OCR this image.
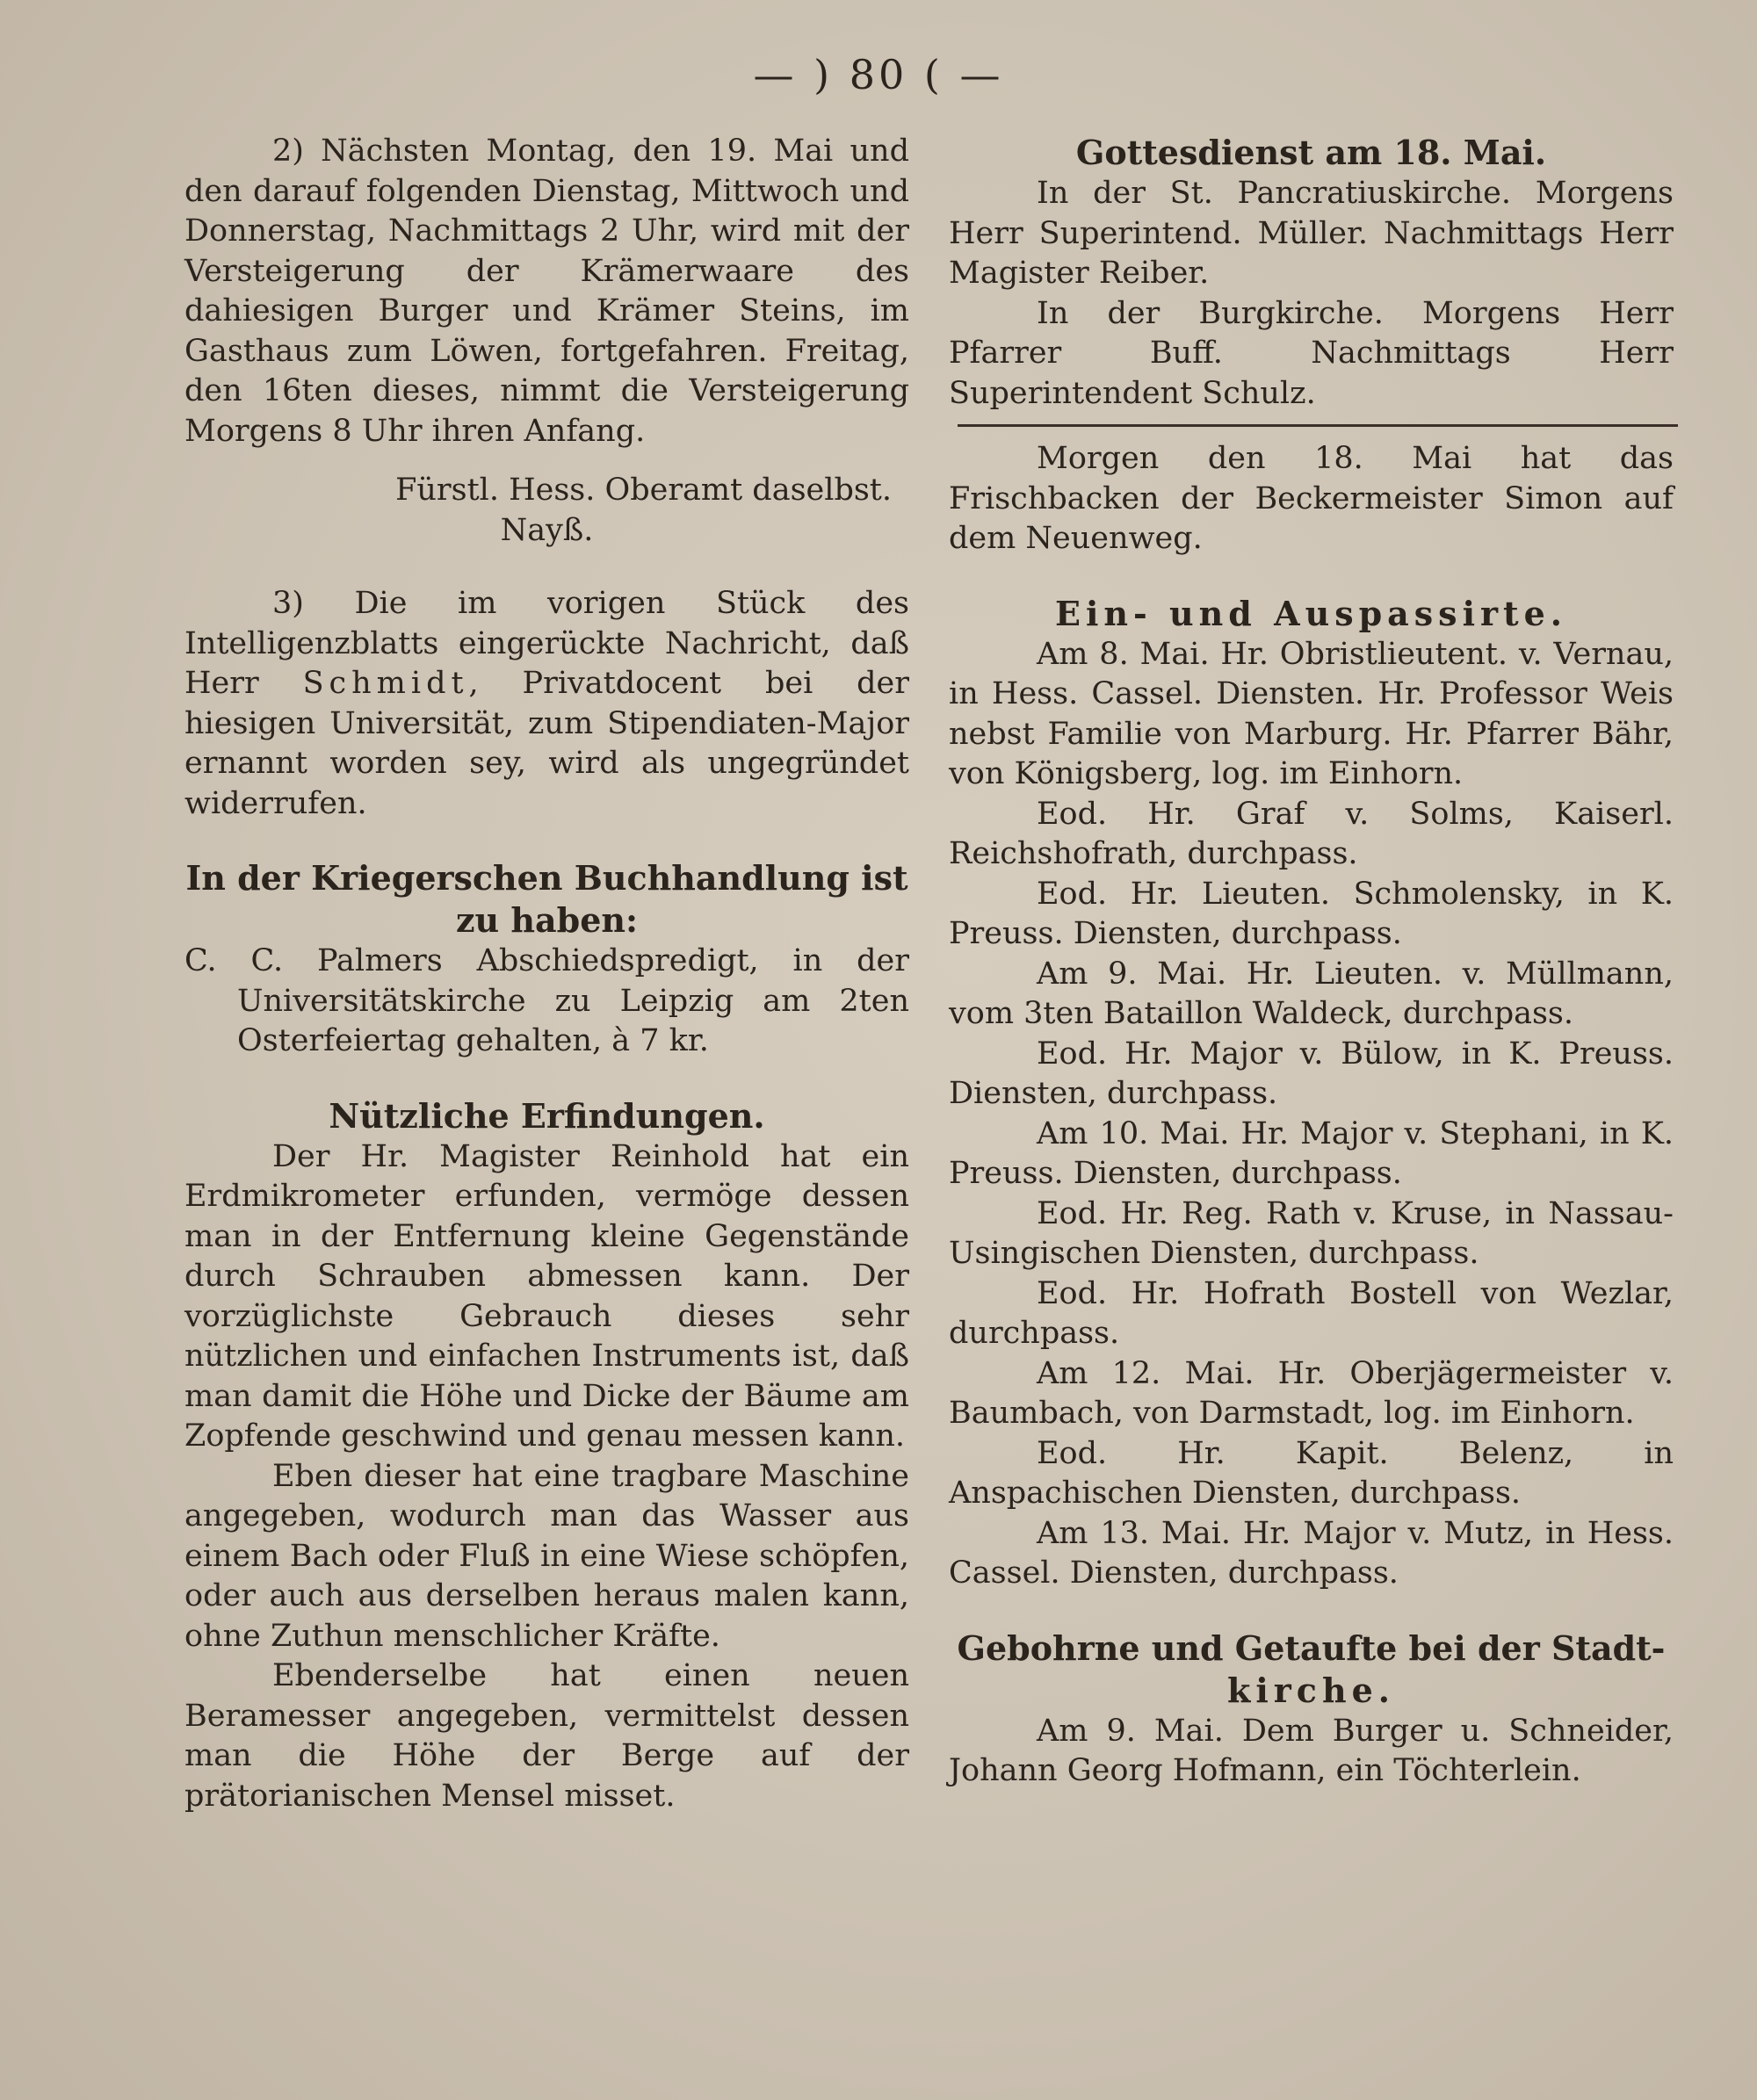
— ) 80 ( —

2) Nächsten Montag, den 19. Mai und den darauf folgenden Dienstag, Mittwoch und Donnerstag, Nachmittags 2 Uhr, wird mit der Versteigerung der Krämerwaare des dahiesigen Burger und Krämer Steins, im Gasthaus zum Löwen, fortgefahren. Freitag, den 16ten dieses, nimmt die Versteigerung Morgens 8 Uhr ihren Anfang.

Fürstl. Hess. Oberamt daselbst.

Nayß.

3) Die im vorigen Stück des Intelligenzblatts eingerückte Nachricht, daß Herr Schmidt, Privatdocent bei der hiesigen Universität, zum Stipendiaten-Major ernannt worden sey, wird als ungegründet widerrufen.

In der Kriegerschen Buchhandlung ist zu haben:

C. C. Palmers Abschiedspredigt, in der Universitätskirche zu Leipzig am 2ten Osterfeiertag gehalten, à 7 kr.

Nützliche Erfindungen.

Der Hr. Magister Reinhold hat ein Erdmikrometer erfunden, vermöge dessen man in der Entfernung kleine Gegenstände durch Schrauben abmessen kann. Der vorzüglichste Gebrauch dieses sehr nützlichen und einfachen Instruments ist, daß man damit die Höhe und Dicke der Bäume am Zopfende geschwind und genau messen kann.

Eben dieser hat eine tragbare Maschine angegeben, wodurch man das Wasser aus einem Bach oder Fluß in eine Wiese schöpfen, oder auch aus derselben heraus malen kann, ohne Zuthun menschlicher Kräfte.

Ebenderselbe hat einen neuen Beramesser angegeben, vermittelst dessen man die Höhe der Berge auf der prätorianischen Mensel misset.

Gottesdienst am 18. Mai.

In der St. Pancratiuskirche. Morgens Herr Superintend. Müller. Nachmittags Herr Magister Reiber.

In der Burgkirche. Morgens Herr Pfarrer Buff. Nachmittags Herr Superintendent Schulz.

Morgen den 18. Mai hat das Frischbacken der Beckermeister Simon auf dem Neuenweg.

Ein- und Auspassirte.

Am 8. Mai. Hr. Obristlieutent. v. Vernau, in Hess. Cassel. Diensten. Hr. Professor Weis nebst Familie von Marburg. Hr. Pfarrer Bähr, von Königsberg, log. im Einhorn.

Eod. Hr. Graf v. Solms, Kaiserl. Reichshofrath, durchpass.

Eod. Hr. Lieuten. Schmolensky, in K. Preuss. Diensten, durchpass.

Am 9. Mai. Hr. Lieuten. v. Müllmann, vom 3ten Bataillon Waldeck, durchpass.

Eod. Hr. Major v. Bülow, in K. Preuss. Diensten, durchpass.

Am 10. Mai. Hr. Major v. Stephani, in K. Preuss. Diensten, durchpass.

Eod. Hr. Reg. Rath v. Kruse, in Nassau-Usingischen Diensten, durchpass.

Eod. Hr. Hofrath Bostell von Wezlar, durchpass.

Am 12. Mai. Hr. Oberjägermeister v. Baumbach, von Darmstadt, log. im Einhorn.

Eod. Hr. Kapit. Belenz, in Anspachischen Diensten, durchpass.

Am 13. Mai. Hr. Major v. Mutz, in Hess. Cassel. Diensten, durchpass.

Gebohrne und Getaufte bei der Stadt-

kirche.

Am 9. Mai. Dem Burger u. Schneider, Johann Georg Hofmann, ein Töchterlein.
